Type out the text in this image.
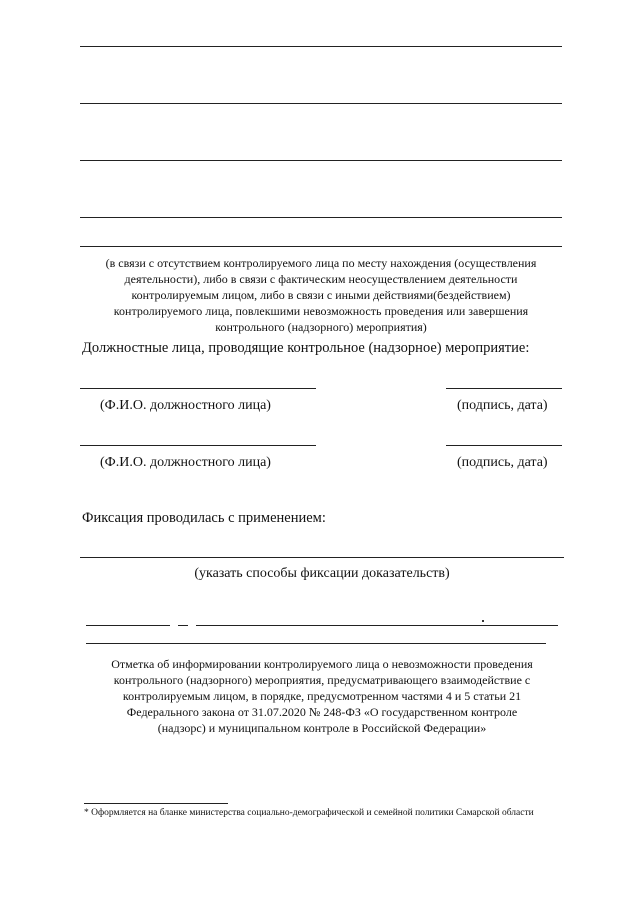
(в связи с отсутствием контролируемого лица по месту нахождения (осуществления
деятельности), либо в связи с фактическим неосуществлением деятельности
контролируемым лицом, либо в связи с иными действиями(бездействием)
контролируемого лица, повлекшими невозможность проведения или завершения
контрольного (надзорного) мероприятия)
Должностные лица, проводящие контрольное (надзорное) мероприятие:
(Ф.И.О. должностного лица)	(подпись, дата)
(Ф.И.О. должностного лица)	(подпись, дата)
Фиксация проводилась с применением:
(указать способы фиксации доказательств)
Отметка об информировании контролируемого лица о невозможности проведения
контрольного (надзорного) мероприятия, предусматривающего взаимодействие с
контролируемым лицом, в порядке, предусмотренном частями 4 и 5 статьи 21
Федерального закона от 31.07.2020 № 248-ФЗ «О государственном контроле
(надзорс) и муниципальном контроле в Российской Федерации»
* Оформляется на бланке министерства социально-демографической и семейной политики Самарской области
